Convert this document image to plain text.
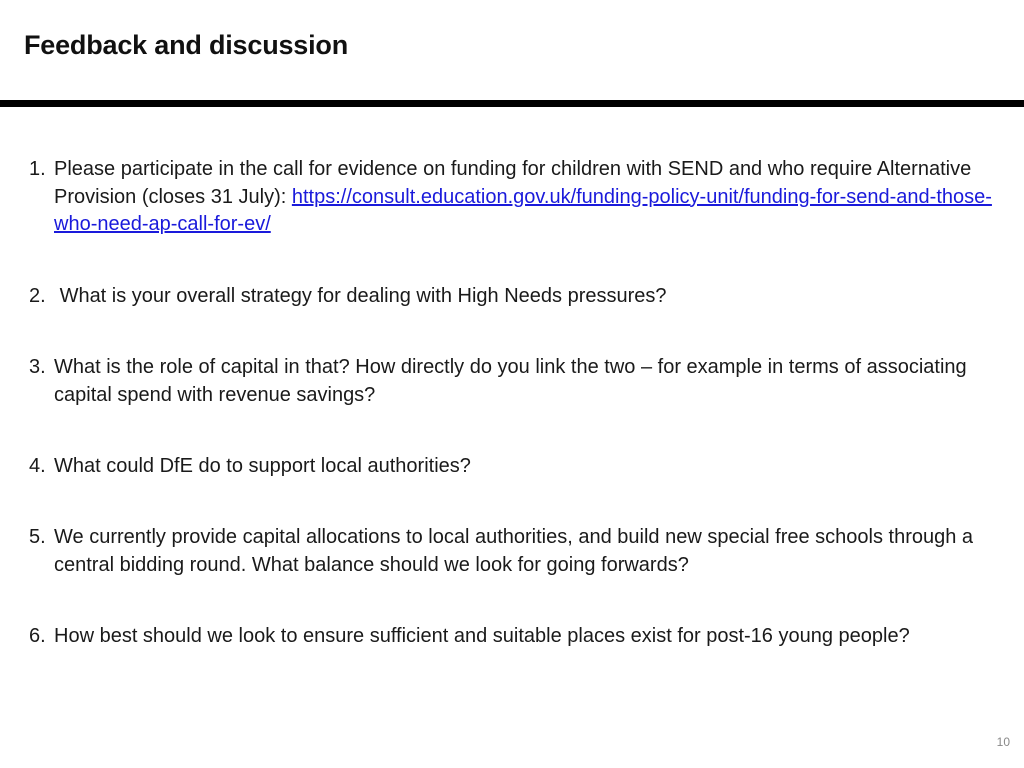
Feedback and discussion
1. Please participate in the call for evidence on funding for children with SEND and who require Alternative Provision (closes 31 July): https://consult.education.gov.uk/funding-policy-unit/funding-for-send-and-those-who-need-ap-call-for-ev/
2. What is your overall strategy for dealing with High Needs pressures?
3. What is the role of capital in that? How directly do you link the two – for example in terms of associating capital spend with revenue savings?
4. What could DfE do to support local authorities?
5. We currently provide capital allocations to local authorities, and build new special free schools through a central bidding round. What balance should we look for going forwards?
6. How best should we look to ensure sufficient and suitable places exist for post-16 young people?
10
